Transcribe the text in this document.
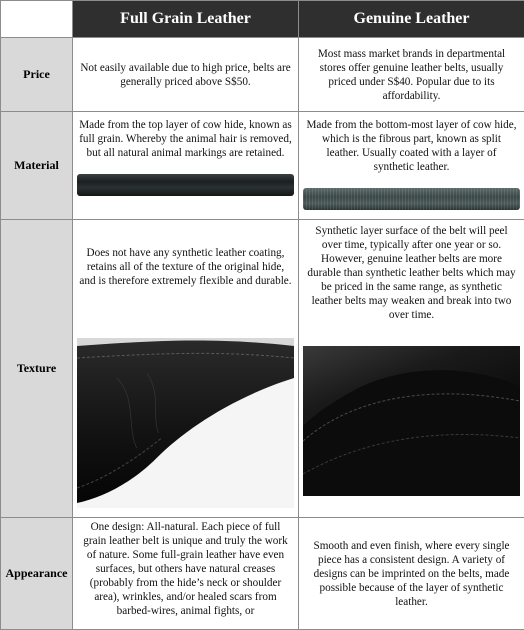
	Full Grain Leather	Genuine Leather
Price	Not easily available due to high price, belts are generally priced above S$50.	Most mass market brands in departmental stores offer genuine leather belts, usually priced under S$40. Popular due to its affordability.

Material	Made from the top layer of cow hide, known as full grain. Whereby the animal hair is removed, but all natural animal markings are retained.	Made from the bottom-most layer of cow hide, which is the fibrous part, known as split leather. Usually coated with a layer of synthetic leather.

Texture	Does not have any synthetic leather coating, retains all of the texture of the original hide, and is therefore extremely flexible and durable.	Synthetic layer surface of the belt will peel over time, typically after one year or so. However, genuine leather belts are more durable than synthetic leather belts which may be priced in the same range, as synthetic leather belts may weaken and break into two over time.

Appearance	One design: All-natural. Each piece of full grain leather belt is unique and truly the work of nature. Some full-grain leather have even surfaces, but others have natural creases (probably from the hide’s neck or shoulder area), wrinkles, and/or healed scars from barbed-wires, animal fights, or	Smooth and even finish, where every single piece has a consistent design. A variety of designs can be imprinted on the belts, made possible because of the layer of synthetic leather.
